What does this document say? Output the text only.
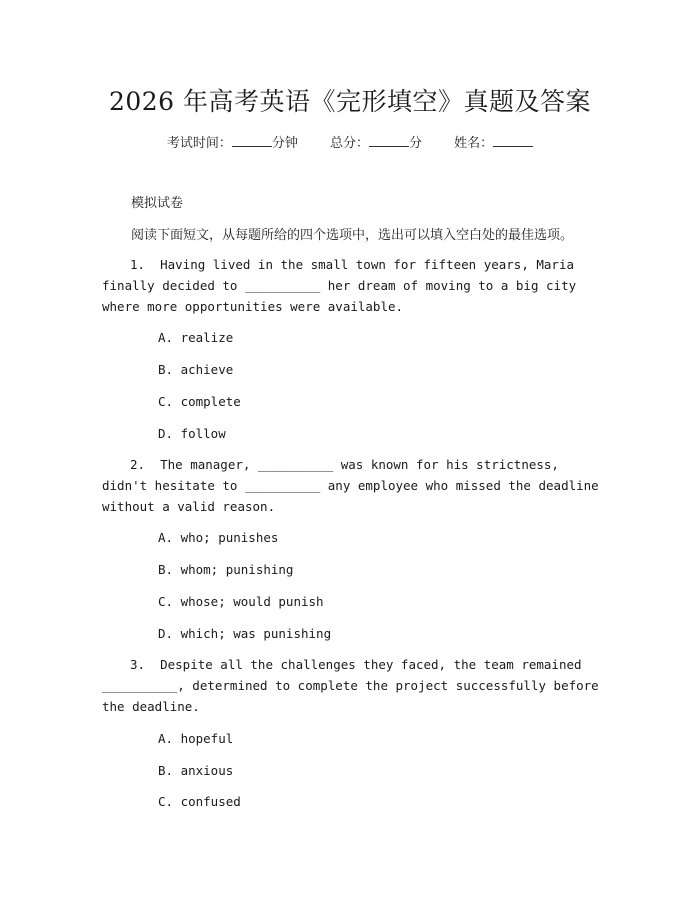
2026 年高考英语《完形填空》真题及答案
考试时间：	分钟 总分：	分 姓名：
模拟试卷
阅读下面短文，从每题所给的四个选项中，选出可以填入空白处的最佳选项。
1.  Having lived in the small town for fifteen years, Maria finally decided to __________ her dream of moving to a big city where more opportunities were available.
A. realize
B. achieve
C. complete
D. follow
2.  The manager, __________ was known for his strictness, didn't hesitate to __________ any employee who missed the deadline without a valid reason.
A. who; punishes
B. whom; punishing
C. whose; would punish
D. which; was punishing
3.  Despite all the challenges they faced, the team remained __________, determined to complete the project successfully before the deadline.
A. hopeful
B. anxious
C. confused
